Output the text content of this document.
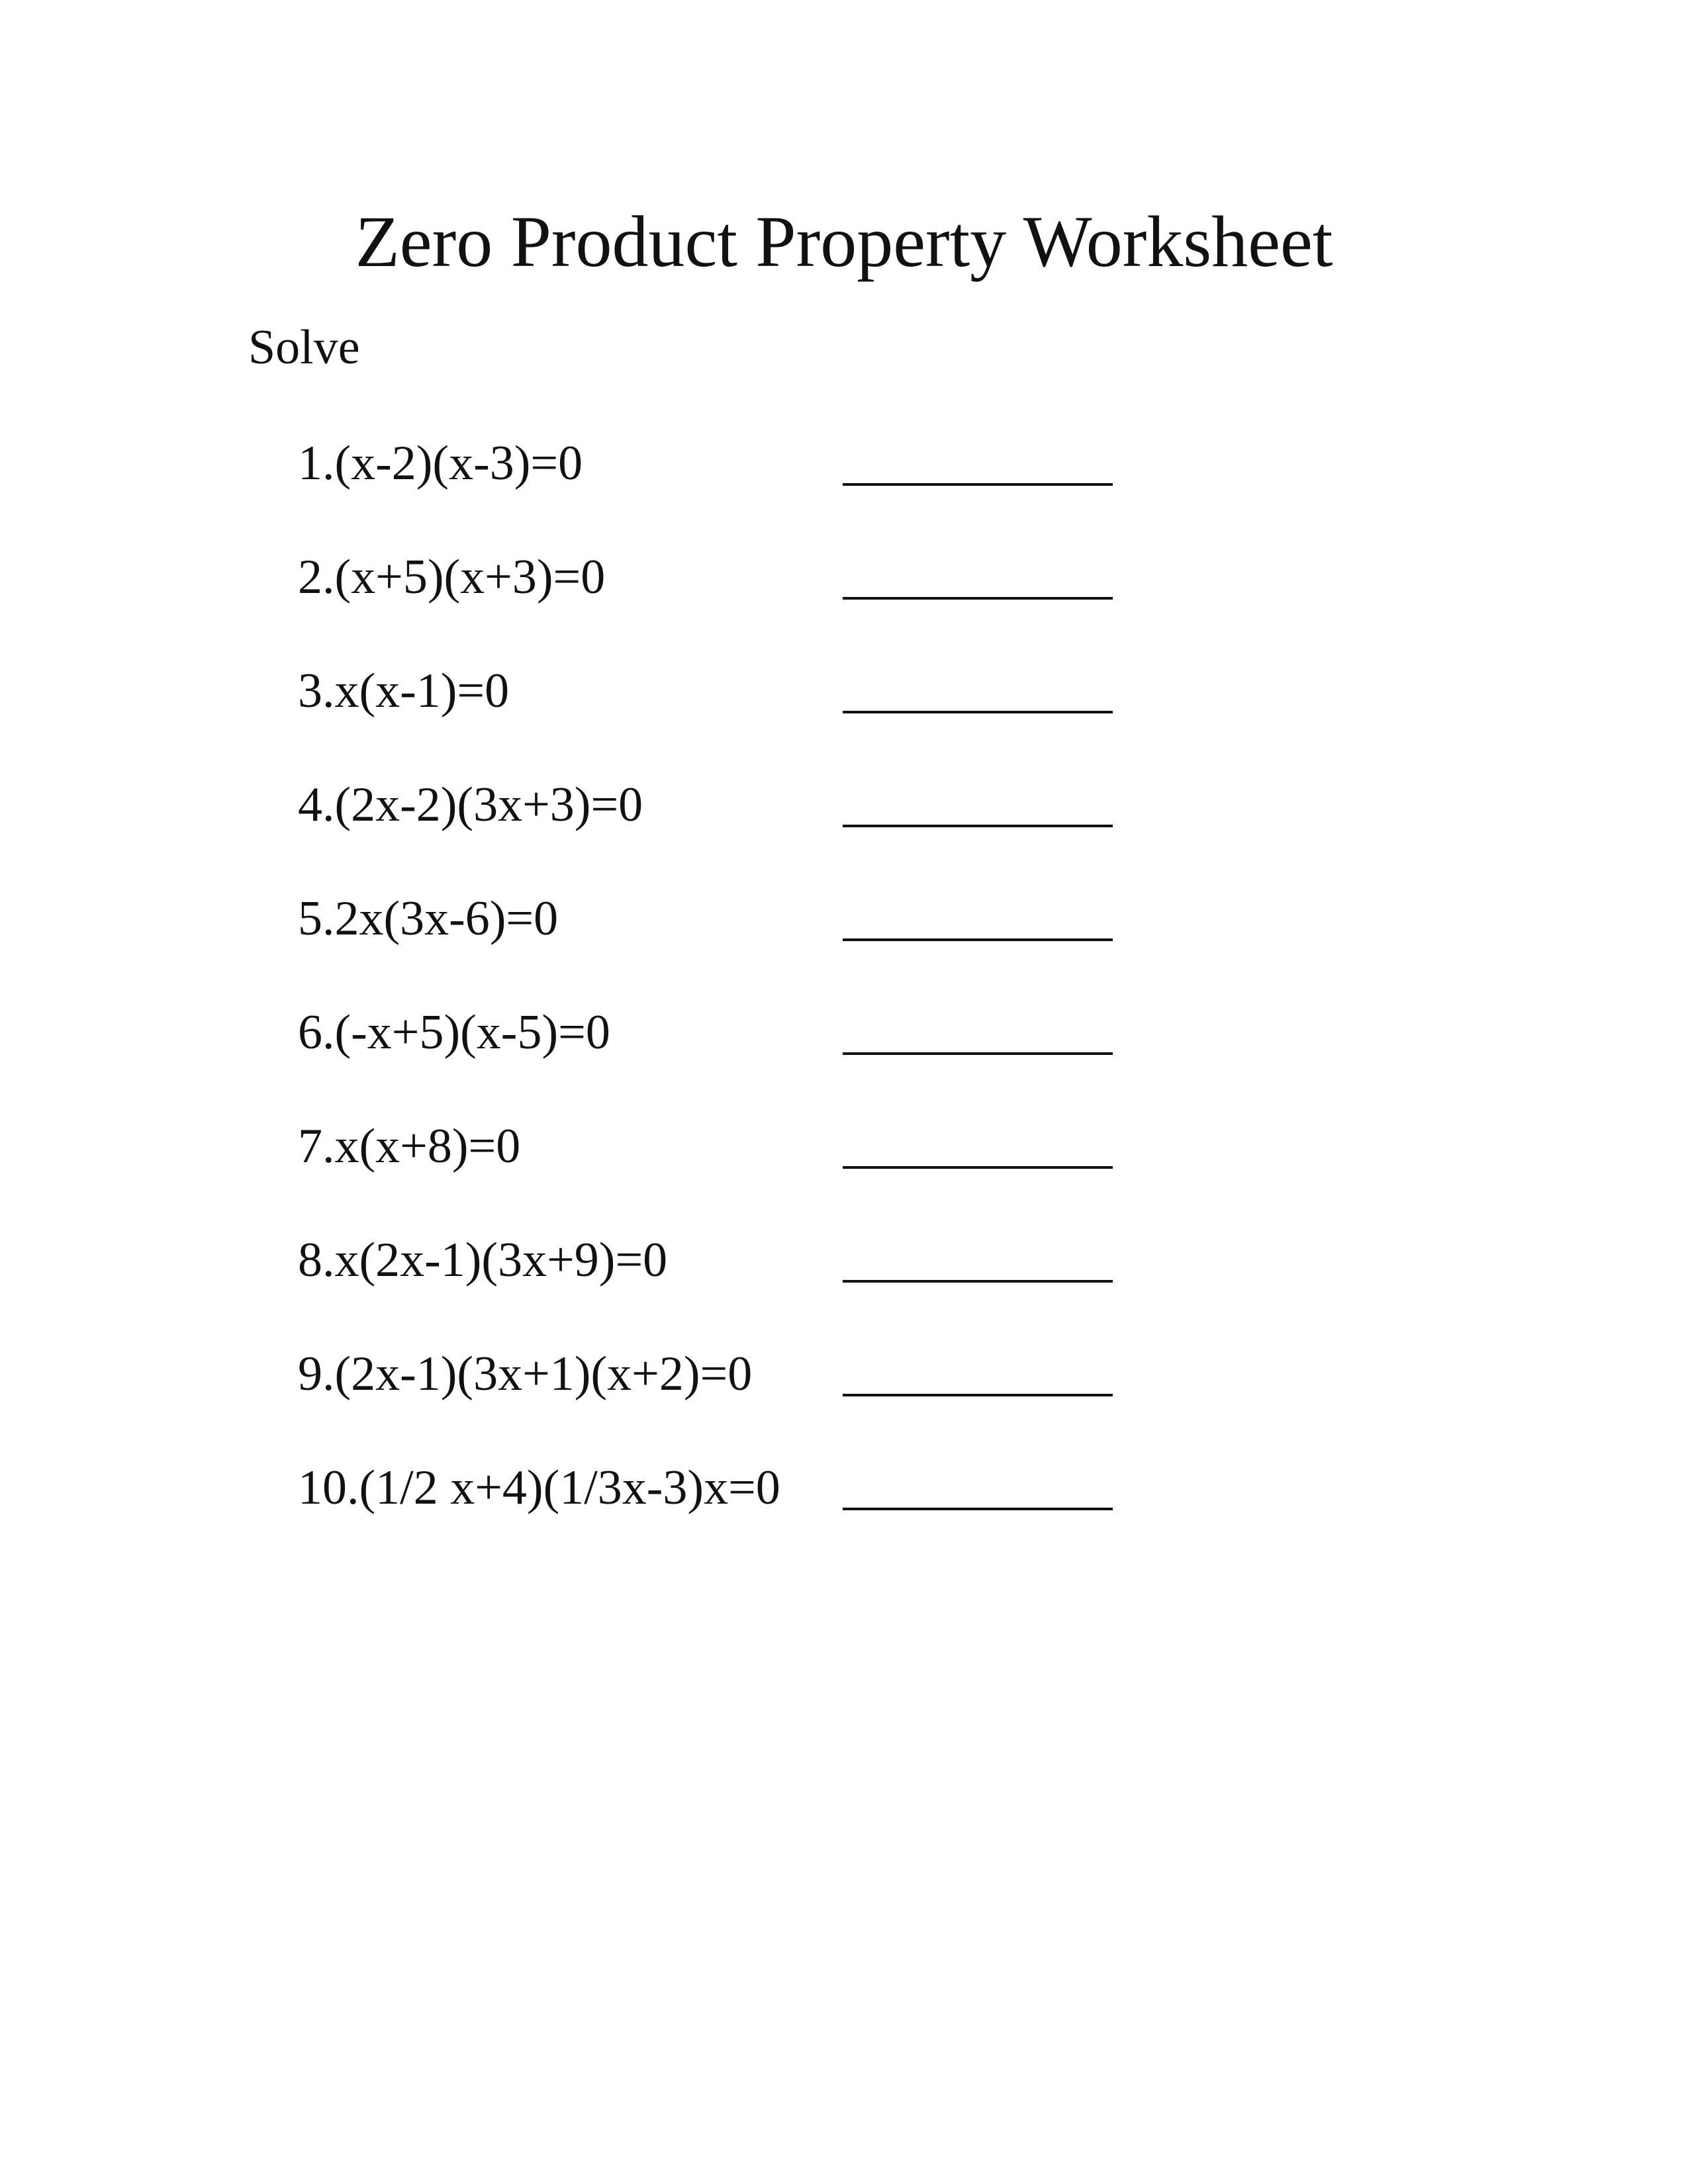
Zero Product Property Worksheet

Solve

1.(x-2)(x-3)=0
2.(x+5)(x+3)=0
3.x(x-1)=0
4.(2x-2)(3x+3)=0
5.2x(3x-6)=0
6.(-x+5)(x-5)=0
7.x(x+8)=0
8.x(2x-1)(3x+9)=0
9.(2x-1)(3x+1)(x+2)=0
10.(1/2 x+4)(1/3x-3)x=0
